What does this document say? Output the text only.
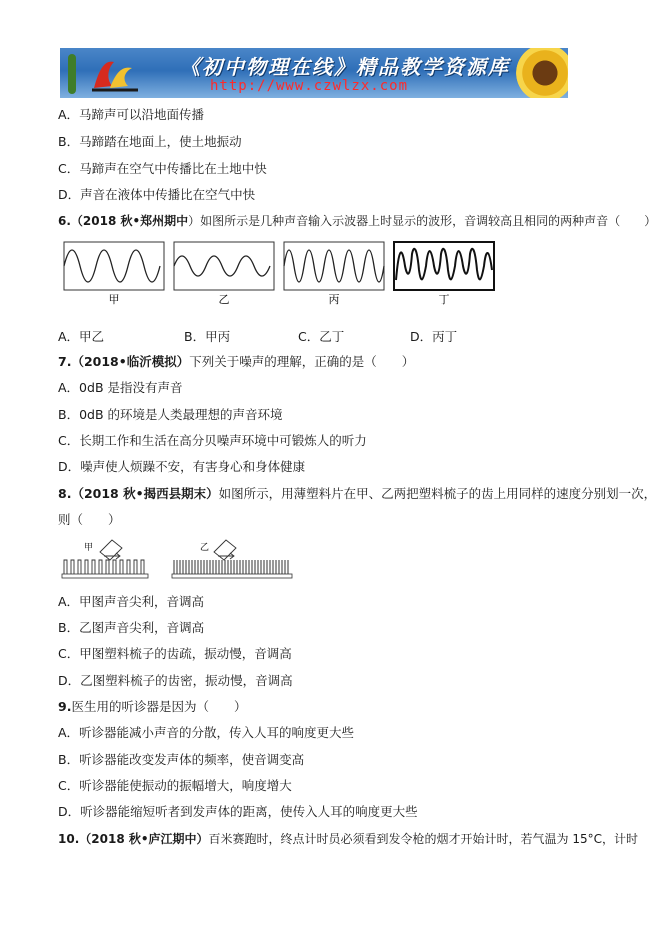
《初中物理在线》精品教学资源库
http://www.czwlzx.com
A．马蹄声可以沿地面传播
B．马蹄踏在地面上，使土地振动
C．马蹄声在空气中传播比在土地中快
D．声音在液体中传播比在空气中快
6.（2018 秋•郑州期中）如图所示是几种声音输入示波器上时显示的波形，音调较高且相同的两种声音（　　）
甲	乙	丙	丁
A．甲乙	B．甲丙	C．乙丁	D．丙丁
7.（2018•临沂模拟）下列关于噪声的理解，正确的是（　　）
A．0dB 是指没有声音
B．0dB 的环境是人类最理想的声音环境
C．长期工作和生活在高分贝噪声环境中可锻炼人的听力
D．噪声使人烦躁不安，有害身心和身体健康
8.（2018 秋•揭西县期末）如图所示，用薄塑料片在甲、乙两把塑料梳子的齿上用同样的速度分别划一次，
则（　　）
甲	乙
A．甲图声音尖利，音调高
B．乙图声音尖利，音调高
C．甲图塑料梳子的齿疏，振动慢，音调高
D．乙图塑料梳子的齿密，振动慢，音调高
9.医生用的听诊器是因为（　　）
A．听诊器能减小声音的分散，传入人耳的响度更大些
B．听诊器能改变发声体的频率，使音调变高
C．听诊器能使振动的振幅增大，响度增大
D．听诊器能缩短听者到发声体的距离，使传入人耳的响度更大些
10.（2018 秋•庐江期中）百米赛跑时，终点计时员必须看到发令枪的烟才开始计时，若气温为 15°C，计时
